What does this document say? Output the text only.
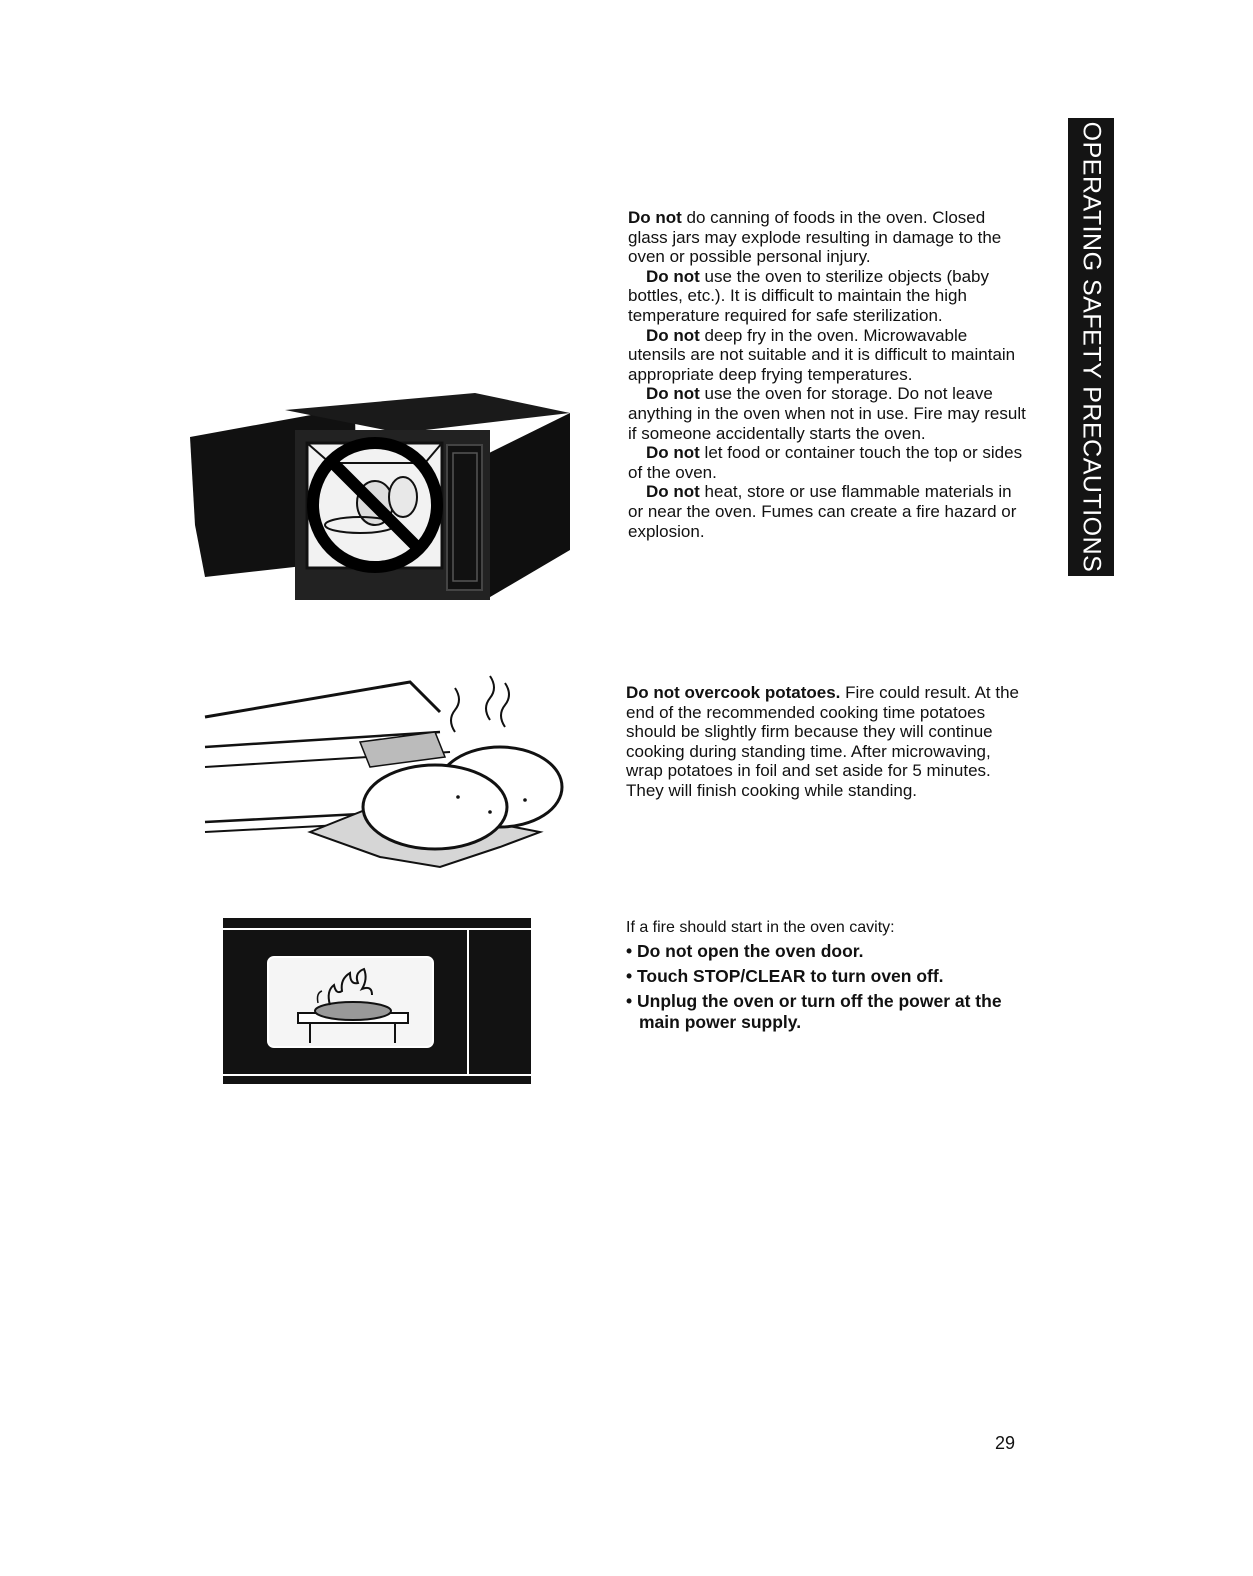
OPERATING SAFETY PRECAUTIONS

Do not do canning of foods in the oven. Closed glass jars may explode resulting in damage to the oven or possible personal injury.

Do not use the oven to sterilize objects (baby bottles, etc.). It is difficult to maintain the high temperature required for safe sterilization.

Do not deep fry in the oven. Microwavable utensils are not suitable and it is difficult to maintain appropriate deep frying temperatures.

Do not use the oven for storage. Do not leave anything in the oven when not in use. Fire may result if someone accidentally starts the oven.

Do not let food or container touch the top or sides of the oven.

Do not heat, store or use flammable materials in or near the oven. Fumes can create a fire hazard or explosion.

Do not overcook potatoes. Fire could result. At the end of the recommended cooking time potatoes should be slightly firm because they will continue cooking during standing time. After microwaving, wrap potatoes in foil and set aside for 5 minutes. They will finish cooking while standing.

If a fire should start in the oven cavity:

• Do not open the oven door.
• Touch STOP/CLEAR to turn oven off.
• Unplug the oven or turn off the power at the main power supply.
29
